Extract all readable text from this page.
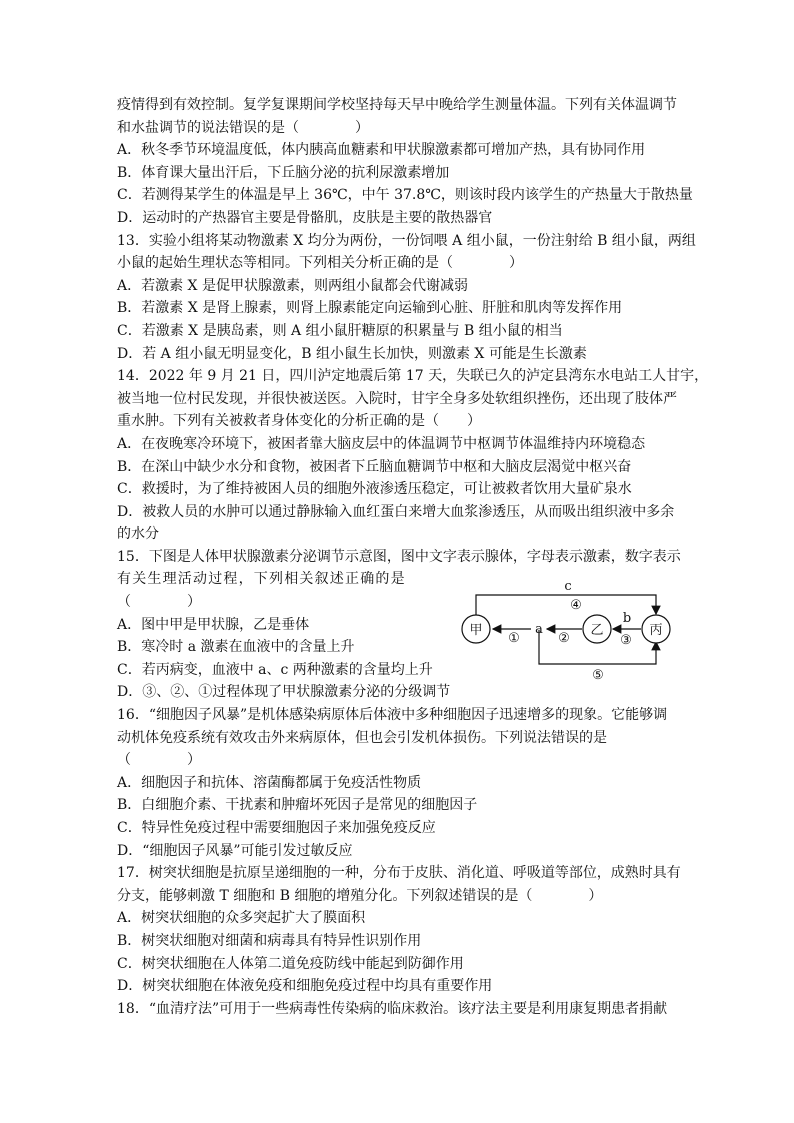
疫情得到有效控制。复学复课期间学校坚持每天早中晚给学生测量体温。下列有关体温调节
和水盐调节的说法错误的是（　　　　）
A．秋冬季节环境温度低，体内胰高血糖素和甲状腺激素都可增加产热，具有协同作用
B．体育课大量出汗后，下丘脑分泌的抗利尿激素增加
C．若测得某学生的体温是早上 36℃，中午 37.8℃，则该时段内该学生的产热量大于散热量
D．运动时的产热器官主要是骨骼肌，皮肤是主要的散热器官
13．实验小组将某动物激素 X 均分为两份，一份饲喂 A 组小鼠，一份注射给 B 组小鼠，两组
小鼠的起始生理状态等相同。下列相关分析正确的是（　　　　）
A．若激素 X 是促甲状腺激素，则两组小鼠都会代谢减弱
B．若激素 X 是肾上腺素，则肾上腺素能定向运输到心脏、肝脏和肌肉等发挥作用
C．若激素 X 是胰岛素，则 A 组小鼠肝糖原的积累量与 B 组小鼠的相当
D．若 A 组小鼠无明显变化，B 组小鼠生长加快，则激素 X 可能是生长激素
14．2022 年 9 月 21 日，四川泸定地震后第 17 天，失联已久的泸定县湾东水电站工人甘宇，
被当地一位村民发现，并很快被送医。入院时，甘宇全身多处软组织挫伤，还出现了肢体严
重水肿。下列有关被救者身体变化的分析正确的是（　　）
A．在夜晚寒冷环境下，被困者靠大脑皮层中的体温调节中枢调节体温维持内环境稳态
B．在深山中缺少水分和食物，被困者下丘脑血糖调节中枢和大脑皮层渴觉中枢兴奋
C．救援时，为了维持被困人员的细胞外液渗透压稳定，可让被救者饮用大量矿泉水
D．被救人员的水肿可以通过静脉输入血红蛋白来增大血浆渗透压，从而吸出组织液中多余
的水分
15．下图是人体甲状腺激素分泌调节示意图，图中文字表示腺体，字母表示激素，数字表示
有关生理活动过程，下列相关叙述正确的是
（　　　　）
A．图中甲是甲状腺，乙是垂体
B．寒冷时 a 激素在血液中的含量上升
C．若丙病变，血液中 a、c 两种激素的含量均上升
D．③、②、①过程体现了甲状腺激素分泌的分级调节
16．“细胞因子风暴”是机体感染病原体后体液中多种细胞因子迅速增多的现象。它能够调
动机体免疫系统有效攻击外来病原体，但也会引发机体损伤。下列说法错误的是
（　　　　）
A．细胞因子和抗体、溶菌酶都属于免疫活性物质
B．白细胞介素、干扰素和肿瘤坏死因子是常见的细胞因子
C．特异性免疫过程中需要细胞因子来加强免疫反应
D．“细胞因子风暴”可能引发过敏反应
17．树突状细胞是抗原呈递细胞的一种，分布于皮肤、消化道、呼吸道等部位，成熟时具有
分支，能够刺激 T 细胞和 B 细胞的增殖分化。下列叙述错误的是（　　　　）
A．树突状细胞的众多突起扩大了膜面积
B．树突状细胞对细菌和病毒具有特异性识别作用
C．树突状细胞在人体第二道免疫防线中能起到防御作用
D．树突状细胞在体液免疫和细胞免疫过程中均具有重要作用
18．“血清疗法”可用于一些病毒性传染病的临床救治。该疗法主要是利用康复期患者捐献
甲	乙	丙
a
b
c
①	②	③
④
⑤
